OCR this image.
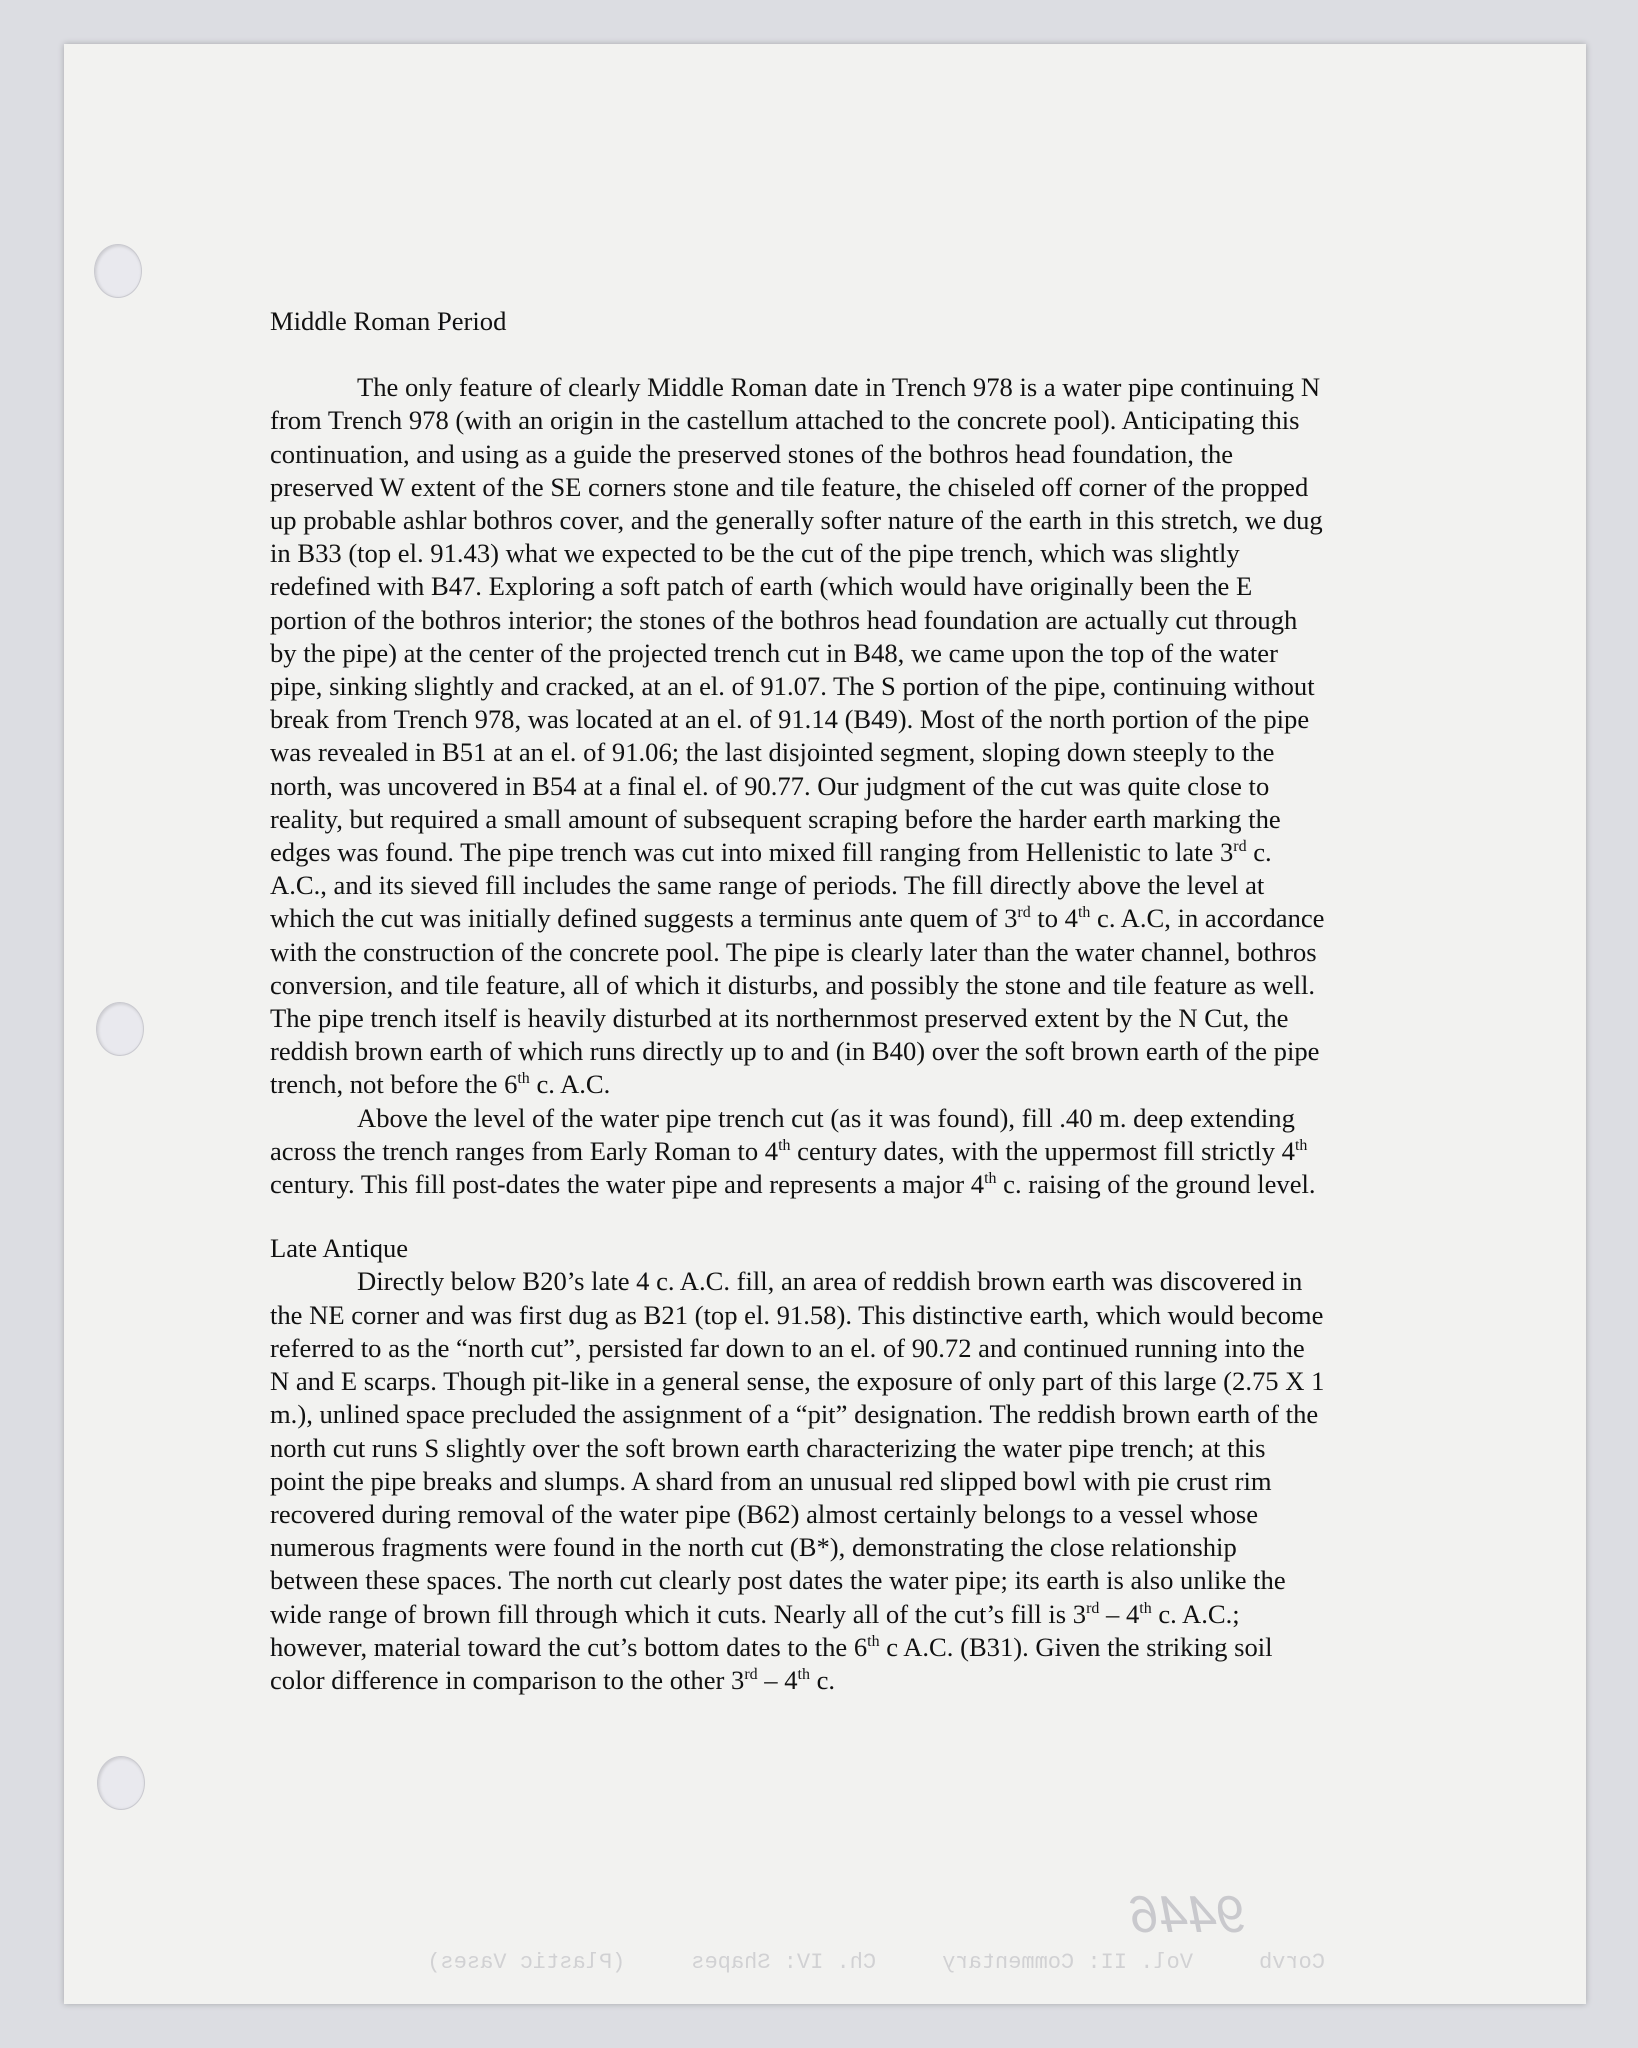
9446
Corvb     Vol. II: Commentary     Ch. IV: Shapes     (Plastic Vases)

Middle Roman Period

The only feature of clearly Middle Roman date in Trench 978 is a water pipe continuing N from Trench 978 (with an origin in the castellum attached to the concrete pool). Anticipating this continuation, and using as a guide the preserved stones of the bothros head foundation, the preserved W extent of the SE corners stone and tile feature, the chiseled off corner of the propped up probable ashlar bothros cover, and the generally softer nature of the earth in this stretch, we dug in B33 (top el. 91.43) what we expected to be the cut of the pipe trench, which was slightly redefined with B47. Exploring a soft patch of earth (which would have originally been the E portion of the bothros interior; the stones of the bothros head foundation are actually cut through by the pipe) at the center of the projected trench cut in B48, we came upon the top of the water pipe, sinking slightly and cracked, at an el. of 91.07. The S portion of the pipe, continuing without break from Trench 978, was located at an el. of 91.14 (B49). Most of the north portion of the pipe was revealed in B51 at an el. of 91.06; the last disjointed segment, sloping down steeply to the north, was uncovered in B54 at a final el. of 90.77. Our judgment of the cut was quite close to reality, but required a small amount of subsequent scraping before the harder earth marking the edges was found. The pipe trench was cut into mixed fill ranging from Hellenistic to late 3rd c. A.C., and its sieved fill includes the same range of periods. The fill directly above the level at which the cut was initially defined suggests a terminus ante quem of 3rd to 4th c. A.C, in accordance with the construction of the concrete pool. The pipe is clearly later than the water channel, bothros conversion, and tile feature, all of which it disturbs, and possibly the stone and tile feature as well. The pipe trench itself is heavily disturbed at its northernmost preserved extent by the N Cut, the reddish brown earth of which runs directly up to and (in B40) over the soft brown earth of the pipe trench, not before the 6th c. A.C.

Above the level of the water pipe trench cut (as it was found), fill .40 m. deep extending across the trench ranges from Early Roman to 4th century dates, with the uppermost fill strictly 4th century. This fill post-dates the water pipe and represents a major 4th c. raising of the ground level.

Late Antique

Directly below B20’s late 4 c. A.C. fill, an area of reddish brown earth was discovered in the NE corner and was first dug as B21 (top el. 91.58). This distinctive earth, which would become referred to as the “north cut”, persisted far down to an el. of 90.72 and continued running into the N and E scarps. Though pit-like in a general sense, the exposure of only part of this large (2.75 X 1 m.), unlined space precluded the assignment of a “pit” designation. The reddish brown earth of the north cut runs S slightly over the soft brown earth characterizing the water pipe trench; at this point the pipe breaks and slumps. A shard from an unusual red slipped bowl with pie crust rim recovered during removal of the water pipe (B62) almost certainly belongs to a vessel whose numerous fragments were found in the north cut (B*), demonstrating the close relationship between these spaces. The north cut clearly post dates the water pipe; its earth is also unlike the wide range of brown fill through which it cuts. Nearly all of the cut’s fill is 3rd – 4th c. A.C.; however, material toward the cut’s bottom dates to the 6th c A.C. (B31). Given the striking soil color difference in comparison to the other 3rd – 4th c.
